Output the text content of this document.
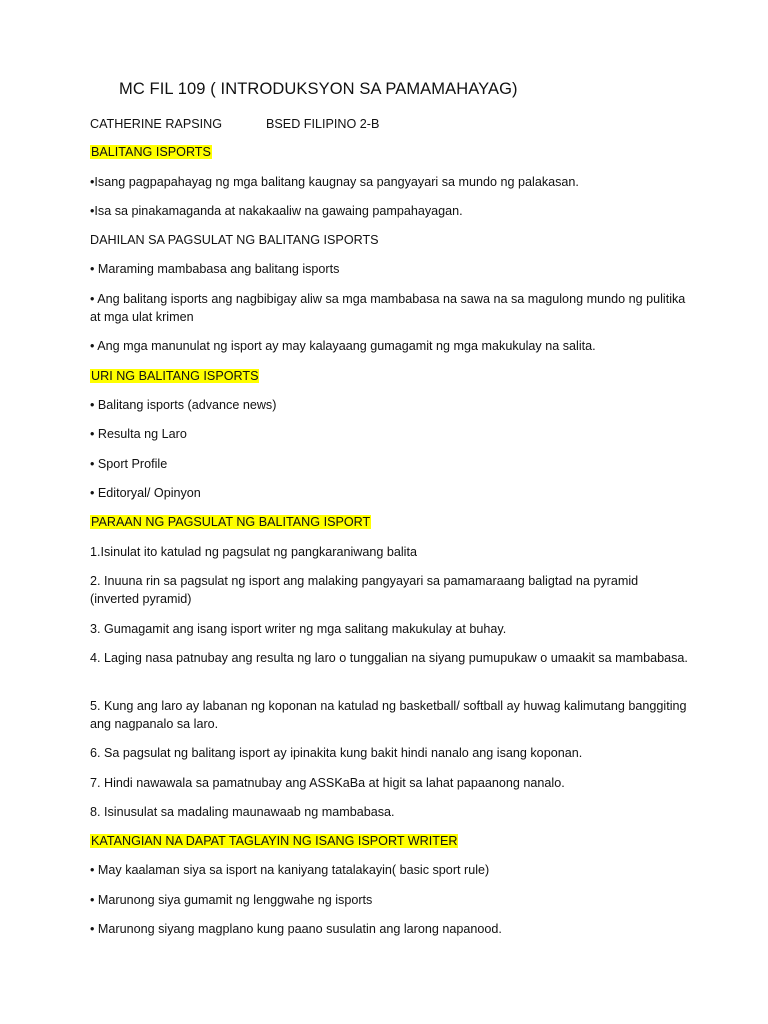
MC FIL 109 ( INTRODUKSYON SA PAMAMAHAYAG)
CATHERINE RAPSING	BSED FILIPINO 2-B
BALITANG ISPORTS
•Isang pagpapahayag ng mga balitang kaugnay sa pangyayari sa mundo ng palakasan.
•Isa sa pinakamaganda at nakakaaliw na gawaing pampahayagan.
DAHILAN SA PAGSULAT NG BALITANG ISPORTS
• Maraming mambabasa ang balitang isports
• Ang balitang isports ang nagbibigay aliw sa mga mambabasa na sawa na sa magulong mundo ng pulitika at mga ulat krimen
• Ang mga manunulat ng isport ay may kalayaang gumagamit ng mga makukulay na salita.
URI NG BALITANG ISPORTS
• Balitang isports (advance news)
• Resulta ng Laro
• Sport Profile
• Editoryal/ Opinyon
PARAAN NG PAGSULAT NG BALITANG ISPORT
1.Isinulat ito katulad ng pagsulat ng pangkaraniwang balita
2. Inuuna rin sa pagsulat ng isport ang malaking pangyayari sa pamamaraang baligtad na pyramid (inverted pyramid)
3. Gumagamit ang isang isport writer ng mga salitang makukulay at buhay.
4. Laging nasa patnubay ang resulta ng laro o tunggalian na siyang pumupukaw o umaakit sa mambabasa.
5. Kung ang laro ay labanan ng koponan na katulad ng basketball/ softball ay huwag kalimutang banggiting ang nagpanalo sa laro.
6. Sa pagsulat ng balitang isport ay ipinakita kung bakit hindi nanalo ang isang koponan.
7. Hindi nawawala sa pamatnubay ang ASSKaBa at higit sa lahat papaanong nanalo.
8. Isinusulat sa madaling maunawaab ng mambabasa.
KATANGIAN NA DAPAT TAGLAYIN NG ISANG ISPORT WRITER
• May kaalaman siya sa isport na kaniyang tatalakayin( basic sport rule)
• Marunong siya gumamit ng lenggwahe ng isports
• Marunong siyang magplano kung paano susulatin ang larong napanood.
